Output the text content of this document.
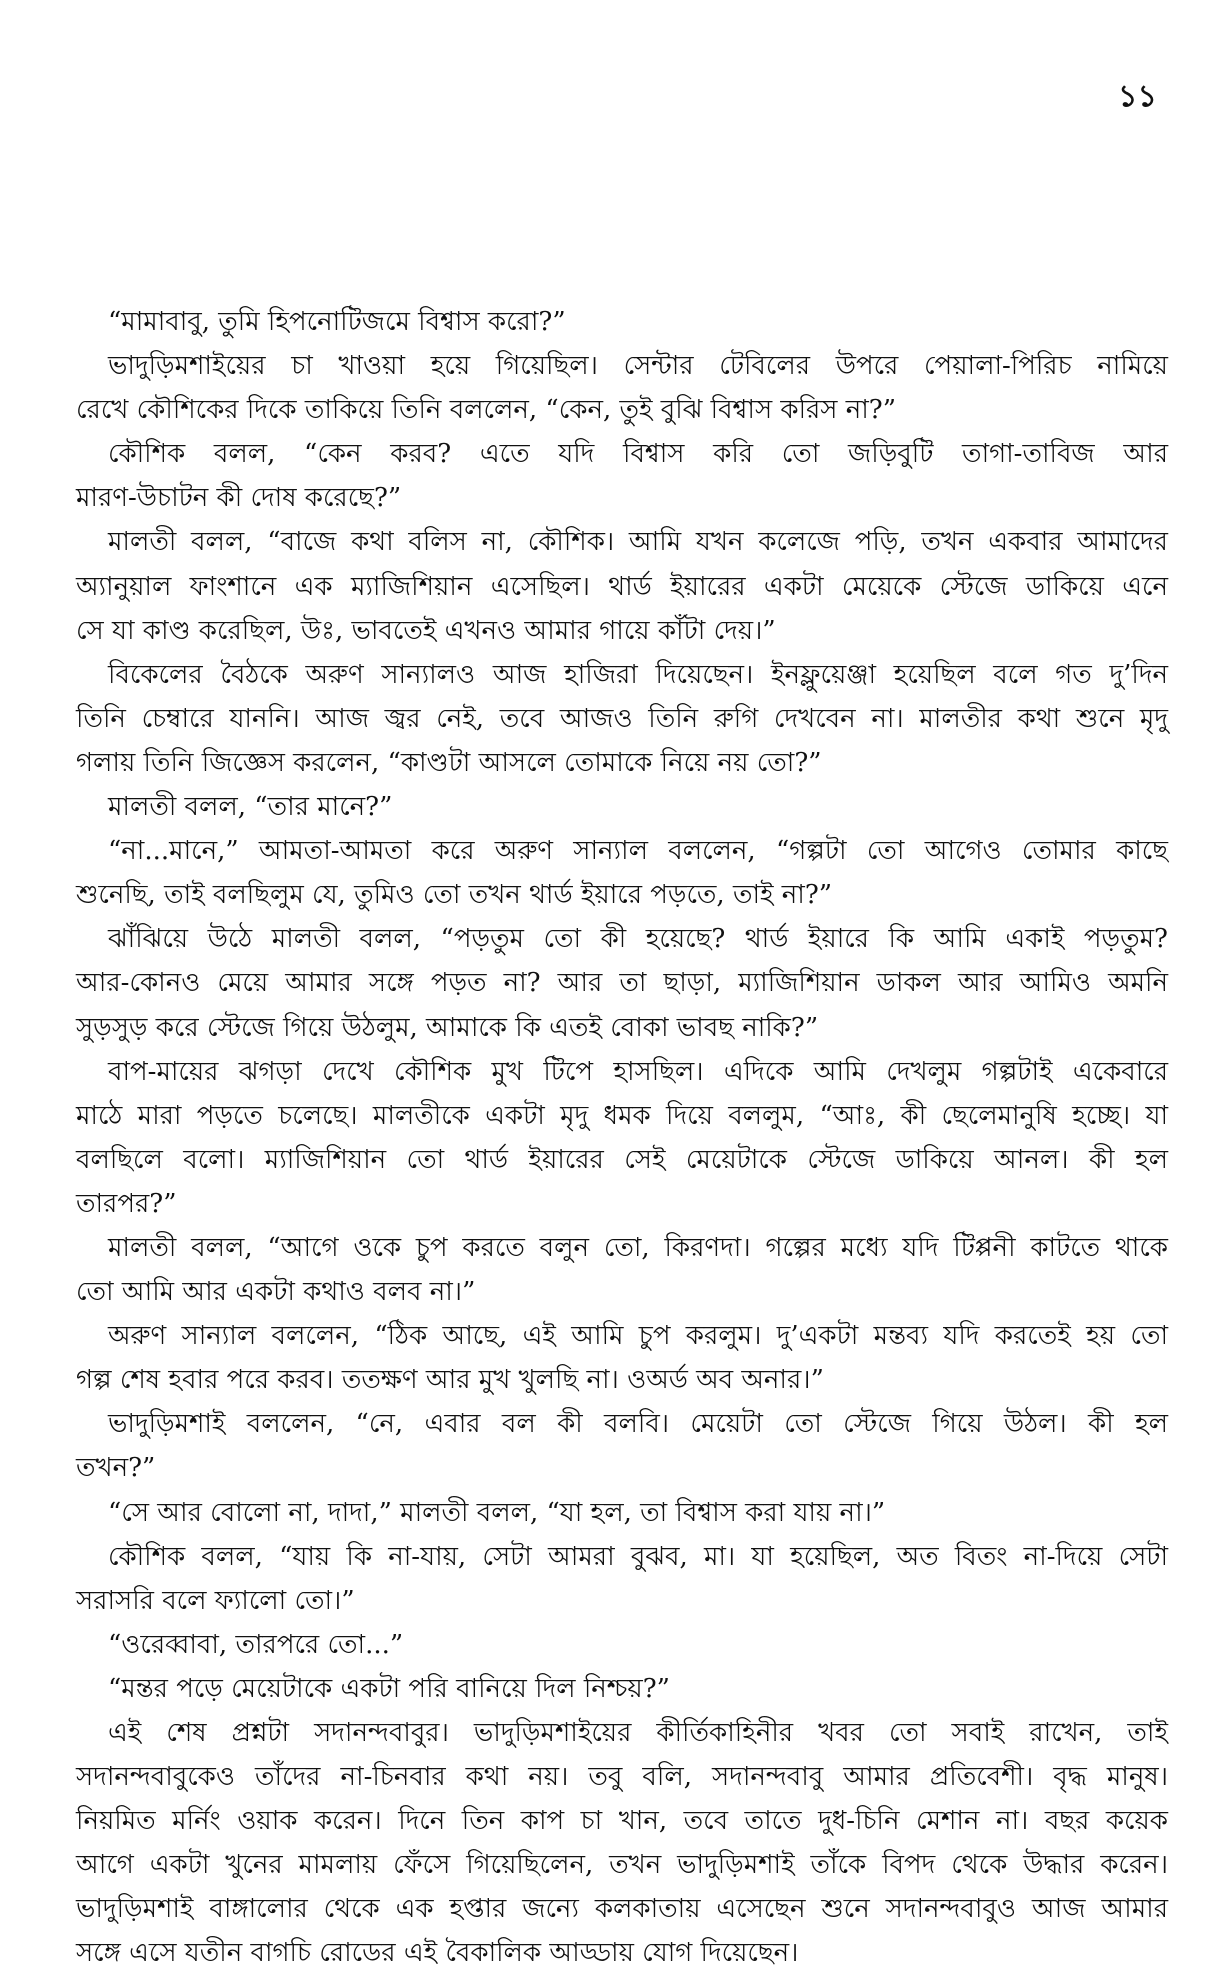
১১
“মামাবাবু, তুমি হিপনোটিজমে বিশ্বাস করো?”
ভাদুড়িমশাইয়ের চা খাওয়া হয়ে গিয়েছিল। সেন্টার টেবিলের উপরে পেয়ালা-পিরিচ নামিয়ে
রেখে কৌশিকের দিকে তাকিয়ে তিনি বললেন, “কেন, তুই বুঝি বিশ্বাস করিস না?”
কৌশিক বলল, “কেন করব? এতে যদি বিশ্বাস করি তো জড়িবুটি তাগা-তাবিজ আর
মারণ-উচাটন কী দোষ করেছে?”
মালতী বলল, “বাজে কথা বলিস না, কৌশিক। আমি যখন কলেজে পড়ি, তখন একবার আমাদের
অ্যানুয়াল ফাংশানে এক ম্যাজিশিয়ান এসেছিল। থার্ড ইয়ারের একটা মেয়েকে স্টেজে ডাকিয়ে এনে
সে যা কাণ্ড করেছিল, উঃ, ভাবতেই এখনও আমার গায়ে কাঁটা দেয়।”
বিকেলের বৈঠকে অরুণ সান্যালও আজ হাজিরা দিয়েছেন। ইনফ্লুয়েঞ্জা হয়েছিল বলে গত দু’দিন
তিনি চেম্বারে যাননি। আজ জ্বর নেই, তবে আজও তিনি রুগি দেখবেন না। মালতীর কথা শুনে মৃদু
গলায় তিনি জিজ্ঞেস করলেন, “কাণ্ডটা আসলে তোমাকে নিয়ে নয় তো?”
মালতী বলল, “তার মানে?”
“না...মানে,” আমতা-আমতা করে অরুণ সান্যাল বললেন, “গল্পটা তো আগেও তোমার কাছে
শুনেছি, তাই বলছিলুম যে, তুমিও তো তখন থার্ড ইয়ারে পড়তে, তাই না?”
ঝাঁঝিয়ে উঠে মালতী বলল, “পড়তুম তো কী হয়েছে? থার্ড ইয়ারে কি আমি একাই পড়তুম?
আর-কোনও মেয়ে আমার সঙ্গে পড়ত না? আর তা ছাড়া, ম্যাজিশিয়ান ডাকল আর আমিও অমনি
সুড়সুড় করে স্টেজে গিয়ে উঠলুম, আমাকে কি এতই বোকা ভাবছ নাকি?”
বাপ-মায়ের ঝগড়া দেখে কৌশিক মুখ টিপে হাসছিল। এদিকে আমি দেখলুম গল্পটাই একেবারে
মাঠে মারা পড়তে চলেছে। মালতীকে একটা মৃদু ধমক দিয়ে বললুম, “আঃ, কী ছেলেমানুষি হচ্ছে। যা
বলছিলে বলো। ম্যাজিশিয়ান তো থার্ড ইয়ারের সেই মেয়েটাকে স্টেজে ডাকিয়ে আনল। কী হল
তারপর?”
মালতী বলল, “আগে ওকে চুপ করতে বলুন তো, কিরণদা। গল্পের মধ্যে যদি টিপ্পনী কাটতে থাকে
তো আমি আর একটা কথাও বলব না।”
অরুণ সান্যাল বললেন, “ঠিক আছে, এই আমি চুপ করলুম। দু’একটা মন্তব্য যদি করতেই হয় তো
গল্প শেষ হবার পরে করব। ততক্ষণ আর মুখ খুলছি না। ওঅর্ড অব অনার।”
ভাদুড়িমশাই বললেন, “নে, এবার বল কী বলবি। মেয়েটা তো স্টেজে গিয়ে উঠল। কী হল
তখন?”
“সে আর বোলো না, দাদা,” মালতী বলল, “যা হল, তা বিশ্বাস করা যায় না।”
কৌশিক বলল, “যায় কি না-যায়, সেটা আমরা বুঝব, মা। যা হয়েছিল, অত বিতং না-দিয়ে সেটা
সরাসরি বলে ফ্যালো তো।”
“ওরেব্বাবা, তারপরে তো...”
“মন্তর পড়ে মেয়েটাকে একটা পরি বানিয়ে দিল নিশ্চয়?”
এই শেষ প্রশ্নটা সদানন্দবাবুর। ভাদুড়িমশাইয়ের কীর্তিকাহিনীর খবর তো সবাই রাখেন, তাই
সদানন্দবাবুকেও তাঁদের না-চিনবার কথা নয়। তবু বলি, সদানন্দবাবু আমার প্রতিবেশী। বৃদ্ধ মানুষ।
নিয়মিত মর্নিং ওয়াক করেন। দিনে তিন কাপ চা খান, তবে তাতে দুধ-চিনি মেশান না। বছর কয়েক
আগে একটা খুনের মামলায় ফেঁসে গিয়েছিলেন, তখন ভাদুড়িমশাই তাঁকে বিপদ থেকে উদ্ধার করেন।
ভাদুড়িমশাই বাঙ্গালোর থেকে এক হপ্তার জন্যে কলকাতায় এসেছেন শুনে সদানন্দবাবুও আজ আমার
সঙ্গে এসে যতীন বাগচি রোডের এই বৈকালিক আড্ডায় যোগ দিয়েছেন।
